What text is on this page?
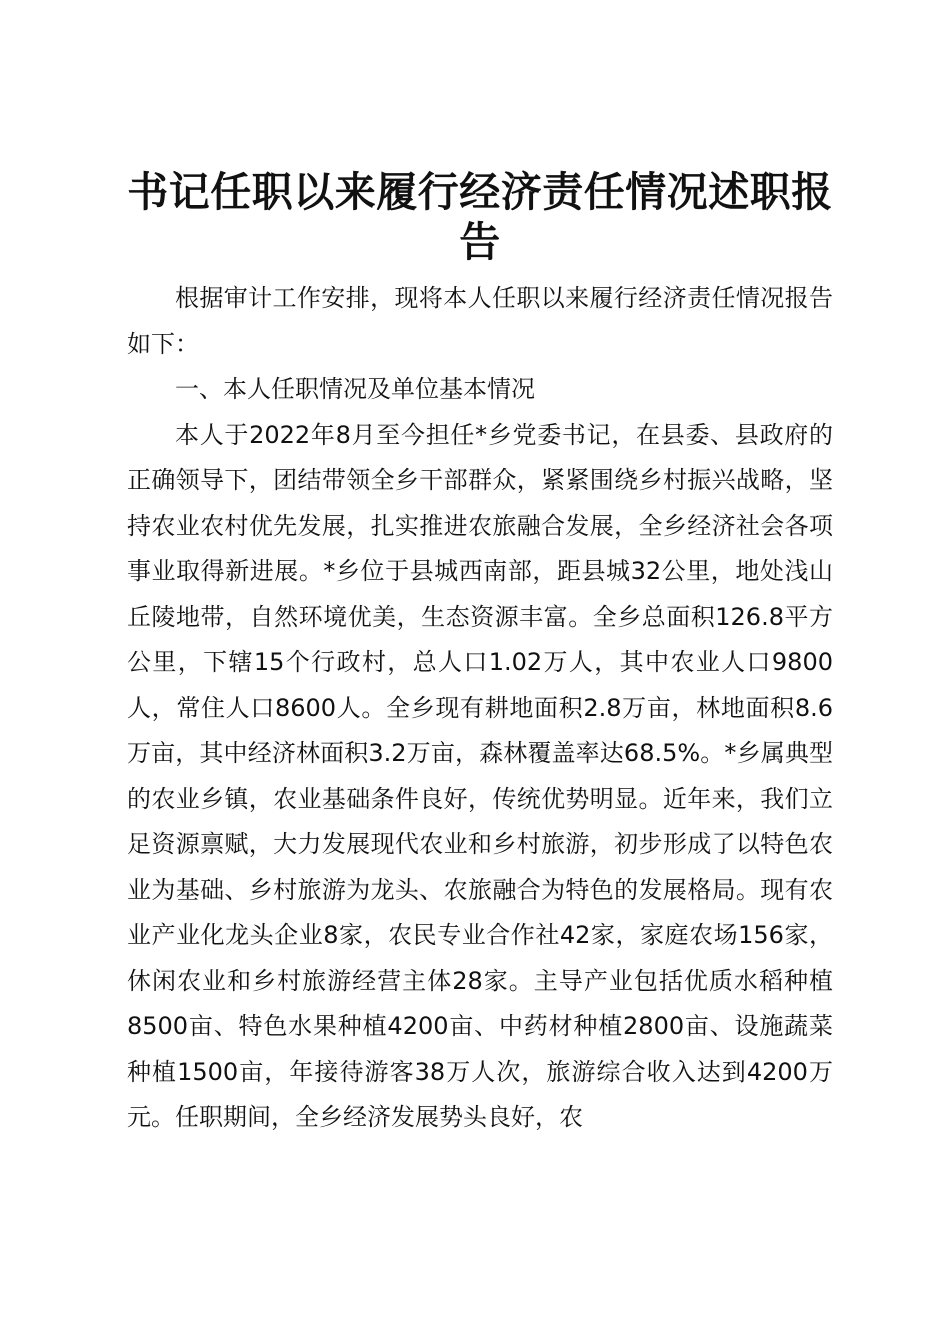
书记任职以来履行经济责任情况述职报告

根据审计工作安排，现将本人任职以来履行经济责任情况报告如下：

一、本人任职情况及单位基本情况

本人于2022年8月至今担任*乡党委书记，在县委、县政府的正确领导下，团结带领全乡干部群众，紧紧围绕乡村振兴战略，坚持农业农村优先发展，扎实推进农旅融合发展，全乡经济社会各项事业取得新进展。*乡位于县城西南部，距县城32公里，地处浅山丘陵地带，自然环境优美，生态资源丰富。全乡总面积126.8平方公里，下辖15个行政村，总人口1.02万人，其中农业人口9800人，常住人口8600人。全乡现有耕地面积2.8万亩，林地面积8.6万亩，其中经济林面积3.2万亩，森林覆盖率达68.5%。*乡属典型的农业乡镇，农业基础条件良好，传统优势明显。近年来，我们立足资源禀赋，大力发展现代农业和乡村旅游，初步形成了以特色农业为基础、乡村旅游为龙头、农旅融合为特色的发展格局。现有农业产业化龙头企业8家，农民专业合作社42家，家庭农场156家，休闲农业和乡村旅游经营主体28家。主导产业包括优质水稻种植8500亩、特色水果种植4200亩、中药材种植2800亩、设施蔬菜种植1500亩，年接待游客38万人次，旅游综合收入达到4200万元。任职期间，全乡经济发展势头良好，农
